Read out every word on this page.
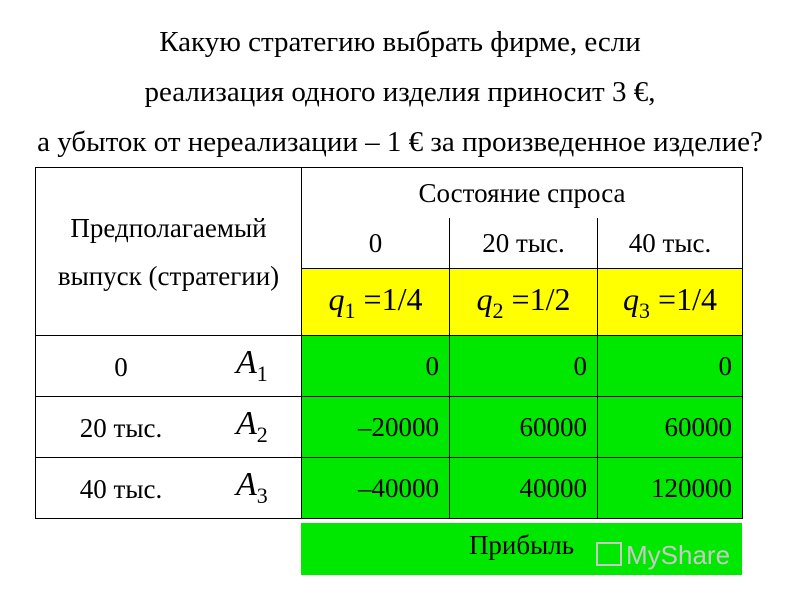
Какую стратегию выбрать фирме, если
реализация одного изделия приносит 3 €,
а убыток от нереализации – 1 € за произведенное изделие?
Предполагаемый выпуск (стратегии)	Состояние спроса		
	0	20 тыс.	40 тыс.
	$q_1 =1/4$	$q_2 =1/2$	$q_3 =1/4$

0 $A_1$	0	0	0

20 тыс. $A_2$	–20000	60000	60000

40 тыс. $A_3$	–40000	40000	120000
Прибыль	MyShare
